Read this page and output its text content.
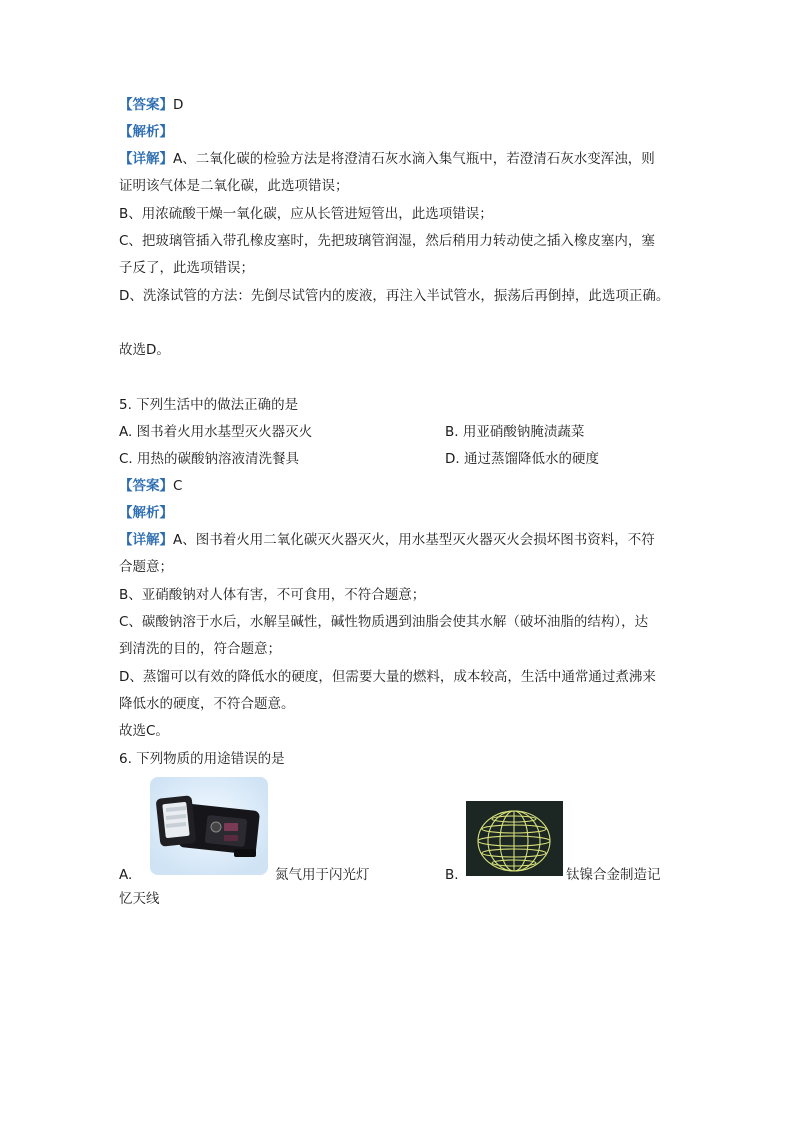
【答案】D
【解析】
【详解】A、二氧化碳的检验方法是将澄清石灰水滴入集气瓶中，若澄清石灰水变浑浊，则
证明该气体是二氧化碳，此选项错误；
B、用浓硫酸干燥一氧化碳，应从长管进短管出，此选项错误；
C、把玻璃管插入带孔橡皮塞时，先把玻璃管润湿，然后稍用力转动使之插入橡皮塞内，塞
子反了，此选项错误；
D、洗涤试管的方法：先倒尽试管内的废液，再注入半试管水，振荡后再倒掉，此选项正确。
故选D。
5. 下列生活中的做法正确的是
A. 图书着火用水基型灭火器灭火	B. 用亚硝酸钠腌渍蔬菜
C. 用热的碳酸钠溶液清洗餐具	D. 通过蒸馏降低水的硬度
【答案】C
【解析】
【详解】A、图书着火用二氧化碳灭火器灭火，用水基型灭火器灭火会损坏图书资料，不符
合题意；
B、亚硝酸钠对人体有害，不可食用，不符合题意；
C、碳酸钠溶于水后，水解呈碱性，碱性物质遇到油脂会使其水解（破坏油脂的结构），达
到清洗的目的，符合题意；
D、蒸馏可以有效的降低水的硬度，但需要大量的燃料，成本较高，生活中通常通过煮沸来
降低水的硬度，不符合题意。
故选C。
6. 下列物质的用途错误的是
A.	氮气用于闪光灯	B.	钛镍合金制造记
忆天线
